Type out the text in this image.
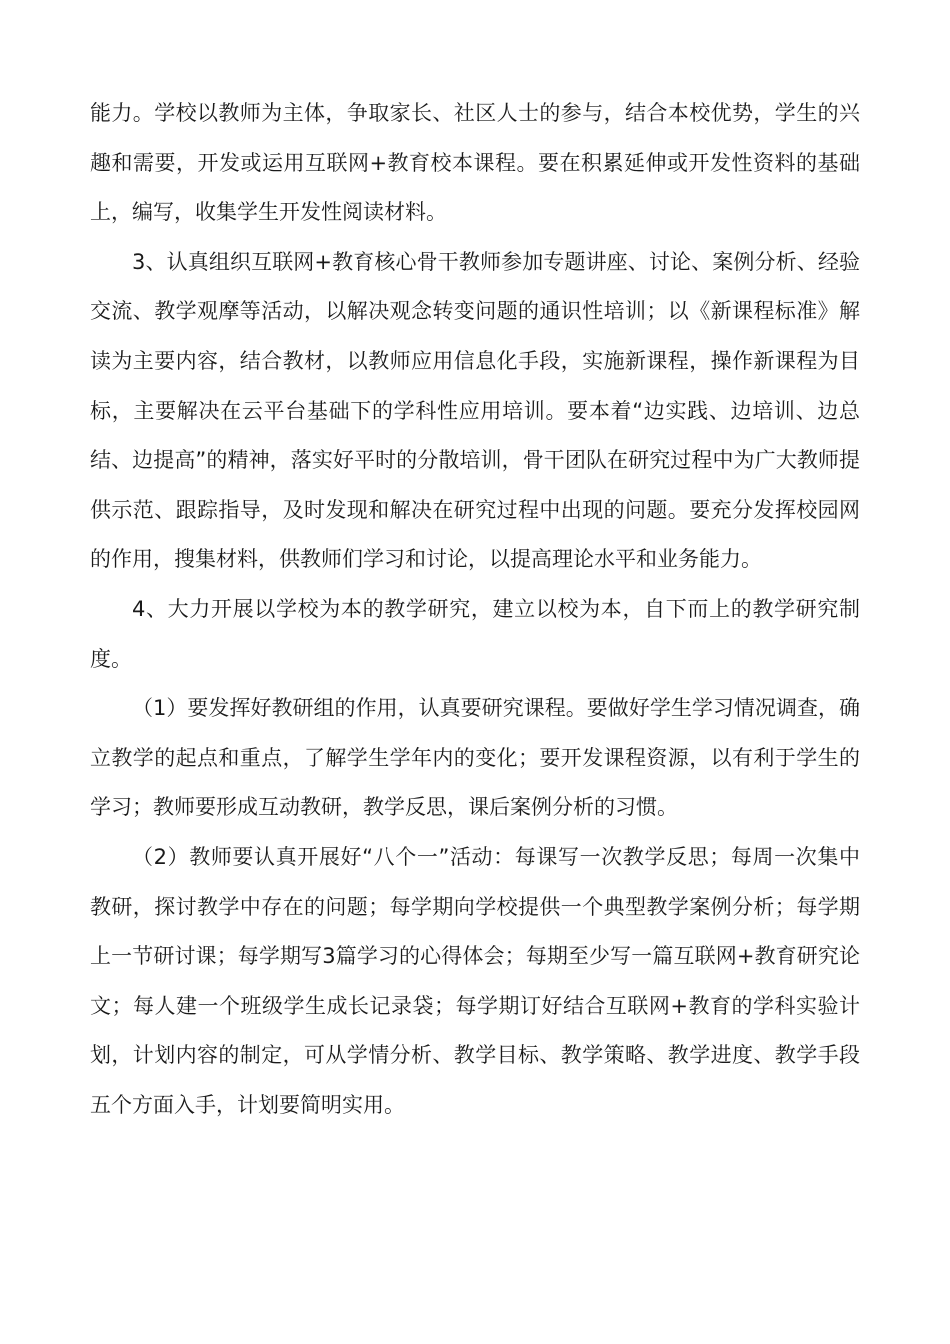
能力。学校以教师为主体，争取家长、社区人士的参与，结合本校优势，学生的兴趣和需要，开发或运用互联网+教育校本课程。要在积累延伸或开发性资料的基础上，编写，收集学生开发性阅读材料。

3、认真组织互联网+教育核心骨干教师参加专题讲座、讨论、案例分析、经验交流、教学观摩等活动，以解决观念转变问题的通识性培训；以《新课程标准》解读为主要内容，结合教材，以教师应用信息化手段，实施新课程，操作新课程为目标，主要解决在云平台基础下的学科性应用培训。要本着“边实践、边培训、边总结、边提高”的精神，落实好平时的分散培训，骨干团队在研究过程中为广大教师提供示范、跟踪指导，及时发现和解决在研究过程中出现的问题。要充分发挥校园网的作用，搜集材料，供教师们学习和讨论，以提高理论水平和业务能力。

4、大力开展以学校为本的教学研究，建立以校为本，自下而上的教学研究制度。

（1）要发挥好教研组的作用，认真要研究课程。要做好学生学习情况调查，确立教学的起点和重点，了解学生学年内的变化；要开发课程资源，以有利于学生的学习；教师要形成互动教研，教学反思，课后案例分析的习惯。

（2）教师要认真开展好“八个一”活动：每课写一次教学反思；每周一次集中教研，探讨教学中存在的问题；每学期向学校提供一个典型教学案例分析；每学期上一节研讨课；每学期写3篇学习的心得体会；每期至少写一篇互联网+教育研究论文；每人建一个班级学生成长记录袋；每学期订好结合互联网+教育的学科实验计划，计划内容的制定，可从学情分析、教学目标、教学策略、教学进度、教学手段五个方面入手，计划要简明实用。
